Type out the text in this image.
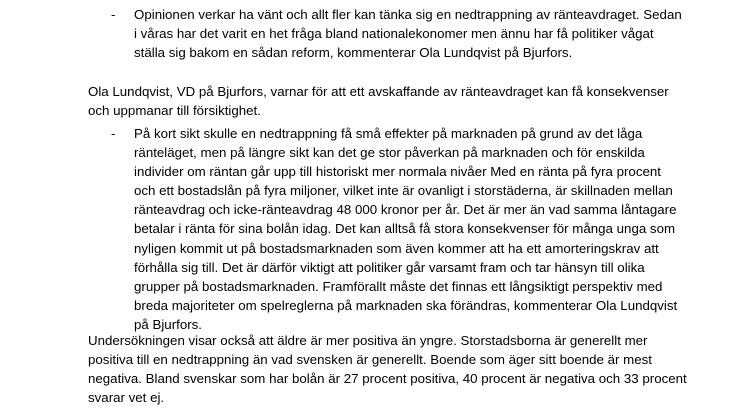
- Opinionen verkar ha vänt och allt fler kan tänka sig en nedtrappning av ränteavdraget. Sedan
i våras har det varit en het fråga bland nationalekonomer men ännu har få politiker vågat
ställa sig bakom en sådan reform, kommenterar Ola Lundqvist på Bjurfors.
Ola Lundqvist, VD på Bjurfors, varnar för att ett avskaffande av ränteavdraget kan få konsekvenser
och uppmanar till försiktighet.
- På kort sikt skulle en nedtrappning få små effekter på marknaden på grund av det låga
ränteläget, men på längre sikt kan det ge stor påverkan på marknaden och för enskilda
individer om räntan går upp till historiskt mer normala nivåer Med en ränta på fyra procent
och ett bostadslån på fyra miljoner, vilket inte är ovanligt i storstäderna, är skillnaden mellan
ränteavdrag och icke-ränteavdrag 48 000 kronor per år. Det är mer än vad samma låntagare
betalar i ränta för sina bolån idag. Det kan alltså få stora konsekvenser för många unga som
nyligen kommit ut på bostadsmarknaden som även kommer att ha ett amorteringskrav att
förhålla sig till. Det är därför viktigt att politiker går varsamt fram och tar hänsyn till olika
grupper på bostadsmarknaden. Framförallt måste det finnas ett långsiktigt perspektiv med
breda majoriteter om spelreglerna på marknaden ska förändras, kommenterar Ola Lundqvist
på Bjurfors.
Undersökningen visar också att äldre är mer positiva än yngre. Storstadsborna är generellt mer
positiva till en nedtrappning än vad svensken är generellt. Boende som äger sitt boende är mest
negativa. Bland svenskar som har bolån är 27 procent positiva, 40 procent är negativa och 33 procent
svarar vet ej.
